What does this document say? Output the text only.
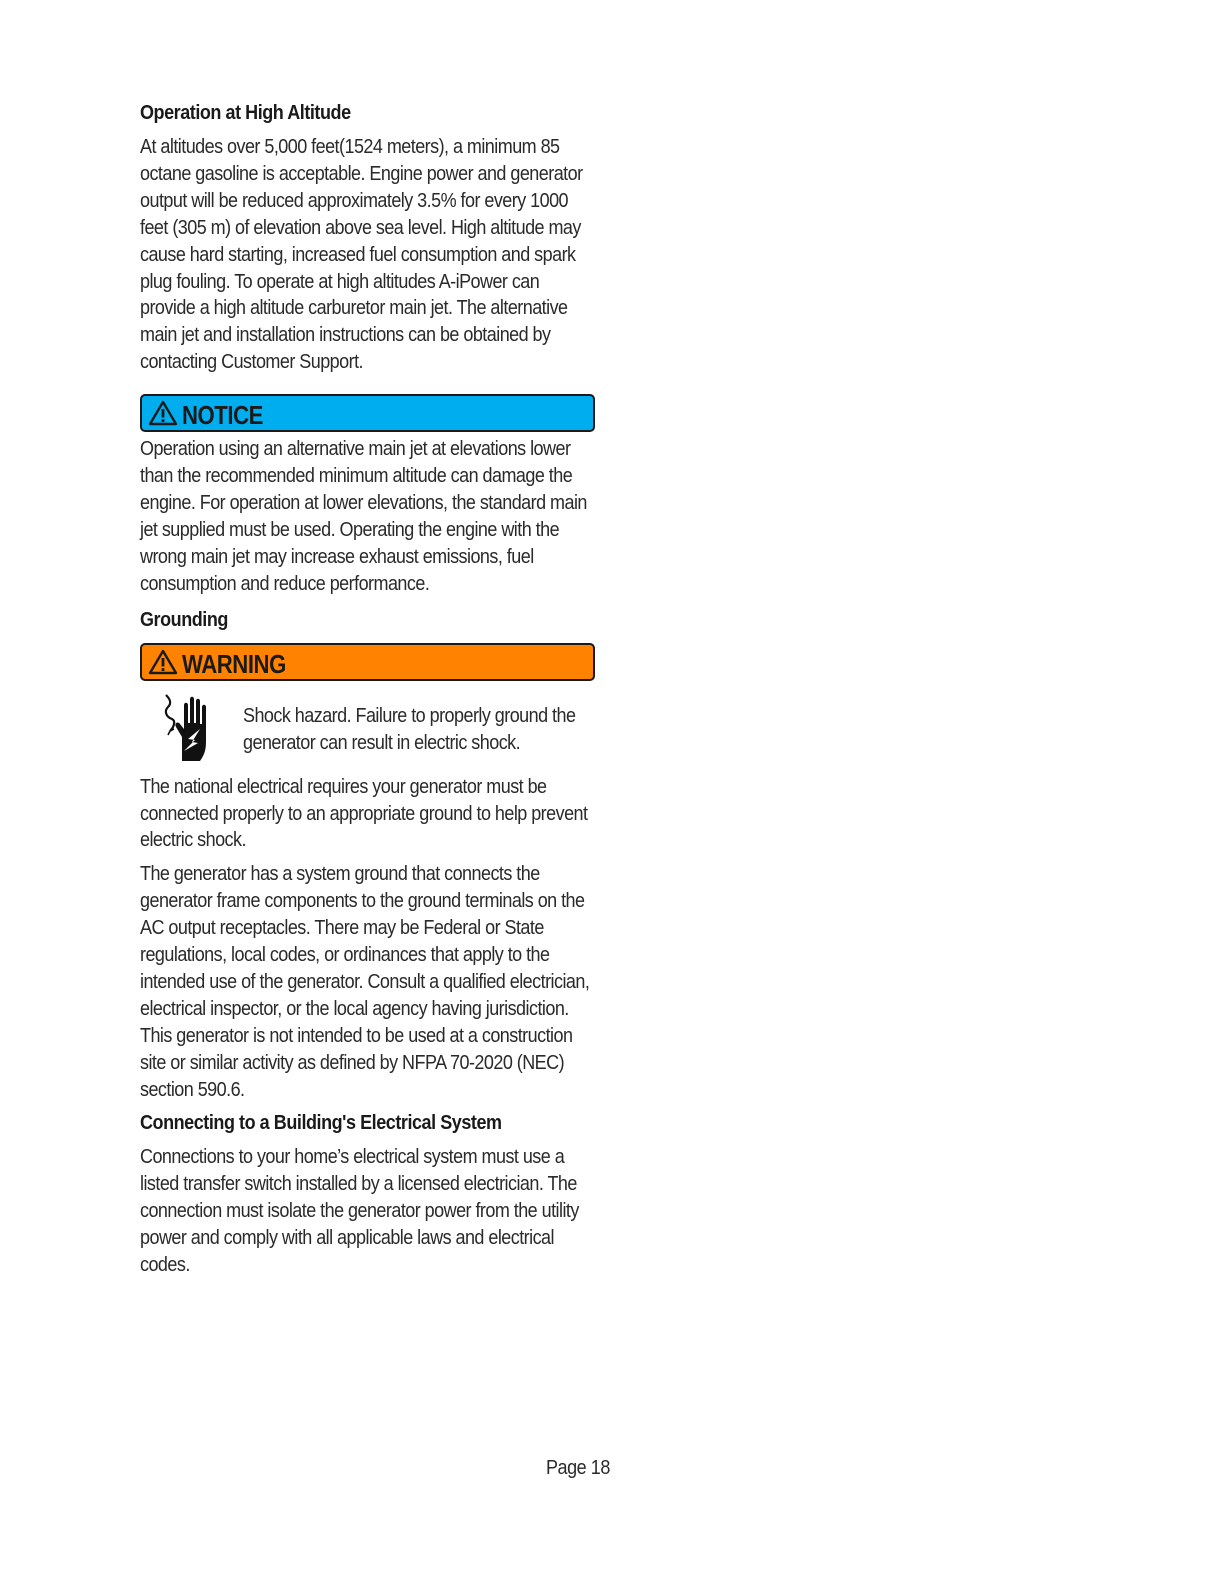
Operation at High Altitude
At altitudes over 5,000 feet(1524 meters), a minimum 85 octane gasoline is acceptable. Engine power and generator output will be reduced approximately 3.5% for every 1000 feet (305 m) of elevation above sea level. High altitude may cause hard starting, increased fuel consumption and spark plug fouling. To operate at high altitudes A-iPower can provide a high altitude carburetor main jet. The alternative main jet and installation instructions can be obtained by contacting Customer Support.
NOTICE
Operation using an alternative main jet at elevations lower than the recommended minimum altitude can damage the engine. For operation at lower elevations, the standard main jet supplied must be used. Operating the engine with the wrong main jet may increase exhaust emissions, fuel consumption and reduce performance.
Grounding
WARNING
Shock hazard. Failure to properly ground the generator can result in electric shock.
The national electrical requires your generator must be connected properly to an appropriate ground to help prevent electric shock.
The generator has a system ground that connects the generator frame components to the ground terminals on the AC output receptacles. There may be Federal or State regulations, local codes, or ordinances that apply to the intended use of the generator. Consult a qualified electrician, electrical inspector, or the local agency having jurisdiction. This generator is not intended to be used at a construction site or similar activity as defined by NFPA 70-2020 (NEC) section 590.6.
Connecting to a Building's Electrical System
Connections to your home’s electrical system must use a listed transfer switch installed by a licensed electrician. The connection must isolate the generator power from the utility power and comply with all applicable laws and electrical codes.
Page 18
